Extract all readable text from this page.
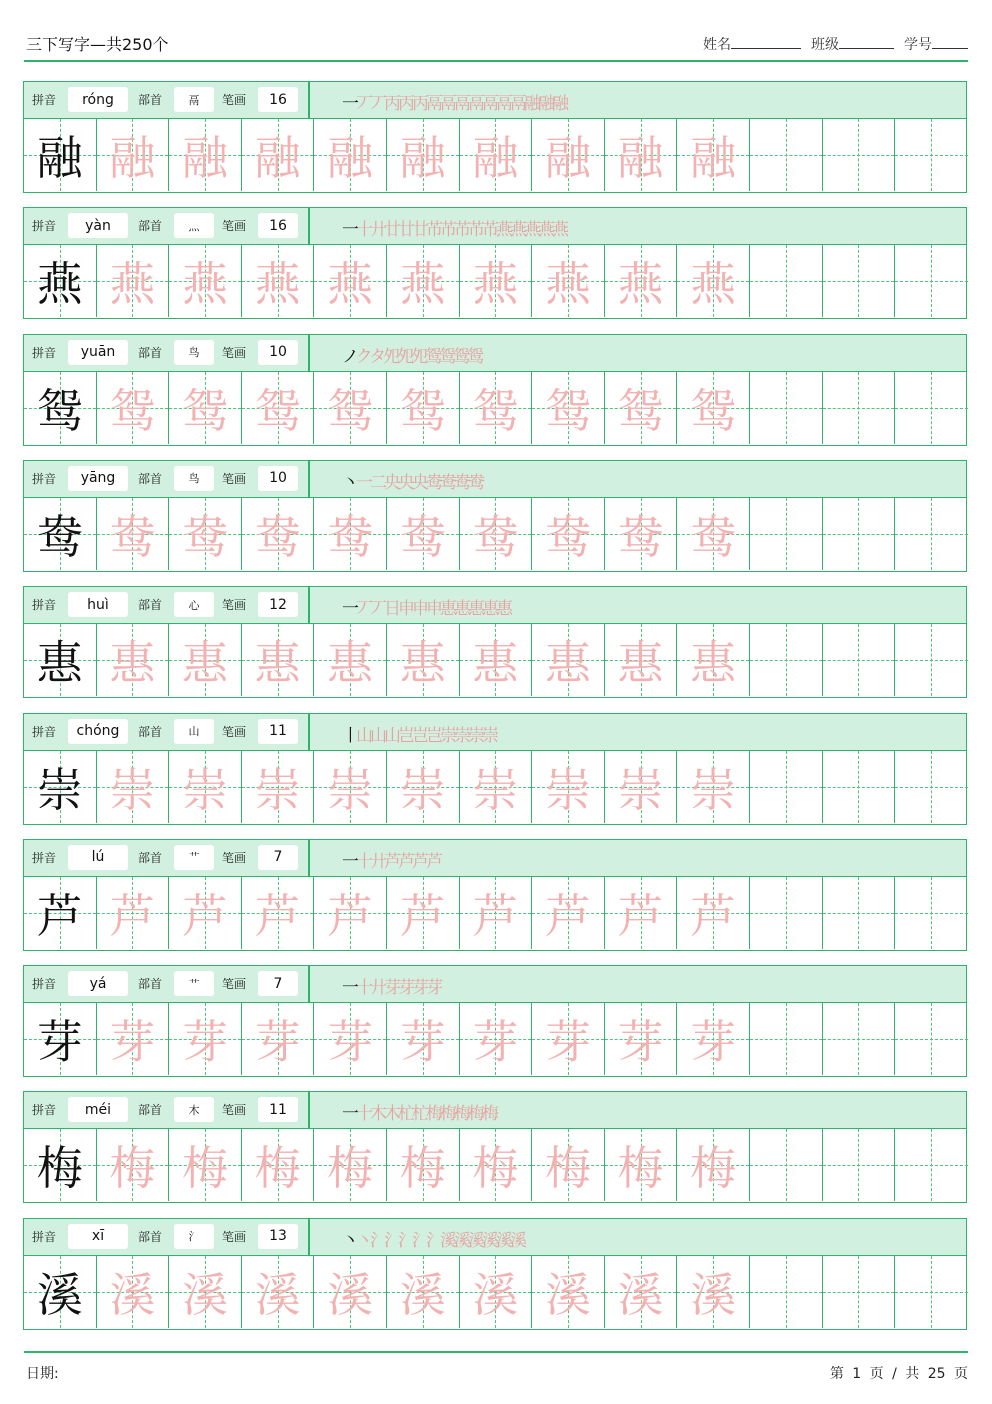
三下写字—共250个	姓名	班级	学号
拼音	róng	部首	鬲	笔画	16	一丆丆丙丙丙鬲鬲鬲鬲鬲鬲鬲融融融
融 融 融 融 融 融 融 融 融 融
拼音	yàn	部首	灬	笔画	16	一十廾廿廿廿芇芇芇芇芇燕燕燕燕燕
燕 燕 燕 燕 燕 燕 燕 燕 燕 燕
拼音	yuān	部首	鸟	笔画	10	ノクタ夗夗夗鸳鸳鸳鸳
鸳 鸳 鸳 鸳 鸳 鸳 鸳 鸳 鸳 鸳
拼音	yāng	部首	鸟	笔画	10	丶一二央央央鸯鸯鸯鸯
鸯 鸯 鸯 鸯 鸯 鸯 鸯 鸯 鸯 鸯
拼音	huì	部首	心	笔画	12	一丆丆日申申申惠惠惠惠惠
惠 惠 惠 惠 惠 惠 惠 惠 惠 惠
拼音	chóng	部首	山	笔画	11	丨山山山岂岂岂崇崇崇崇
崇 崇 崇 崇 崇 崇 崇 崇 崇 崇
拼音	lú	部首	艹	笔画	7	一十廾芦芦芦芦
芦 芦 芦 芦 芦 芦 芦 芦 芦 芦
拼音	yá	部首	艹	笔画	7	一十廾芽芽芽芽
芽 芽 芽 芽 芽 芽 芽 芽 芽 芽
拼音	méi	部首	木	笔画	11	一十木木杧杧梅梅梅梅梅
梅 梅 梅 梅 梅 梅 梅 梅 梅 梅
拼音	xī	部首	氵	笔画	13	丶丶氵氵氵氵氵溪溪溪溪溪溪
溪 溪 溪 溪 溪 溪 溪 溪 溪 溪
日期:	第 1 页 / 共 25 页
